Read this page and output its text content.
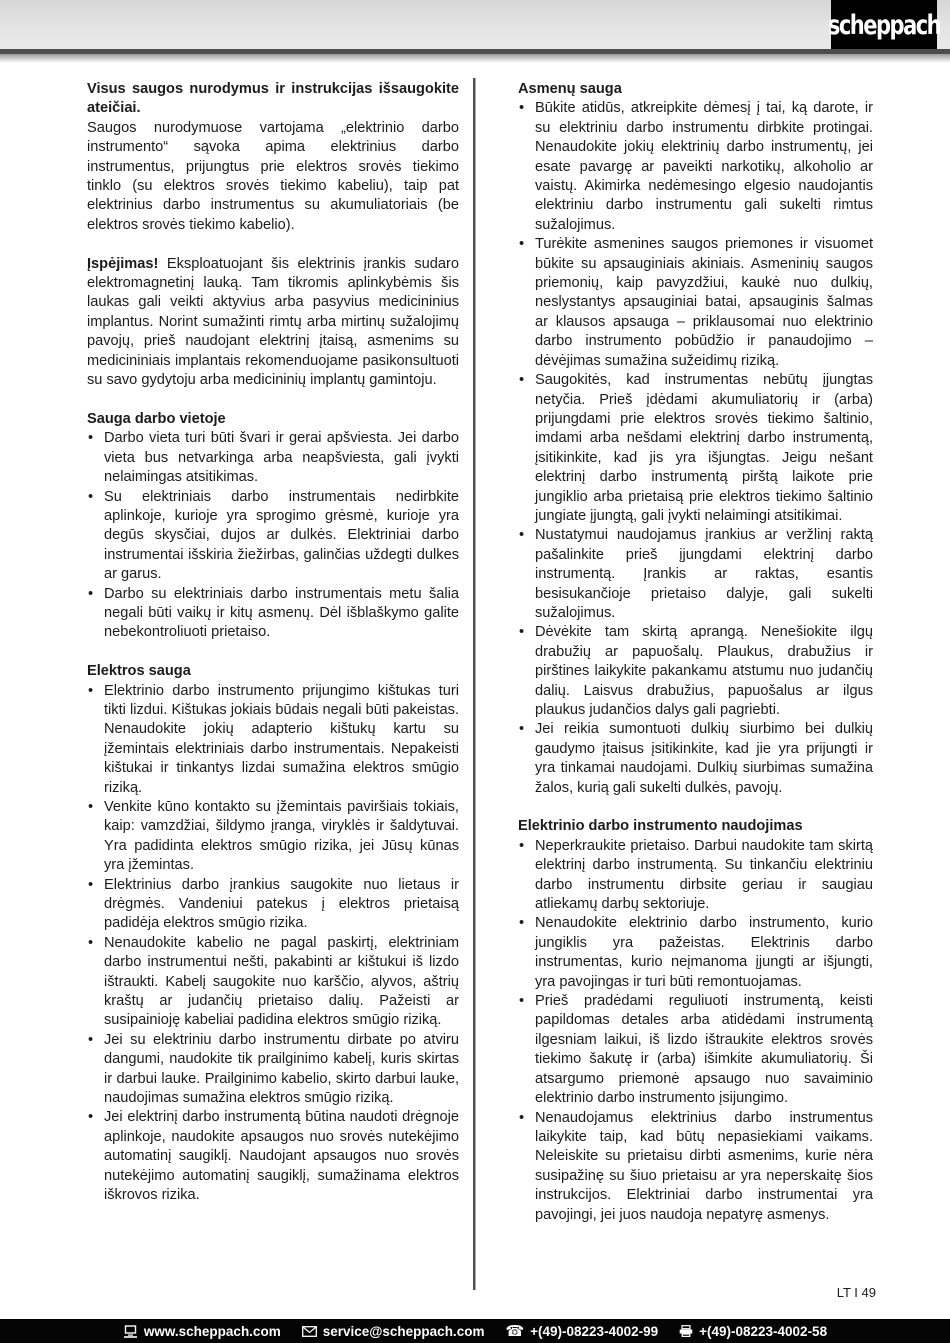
scheppach
Visus saugos nurodymus ir instrukcijas išsaugokite ateičiai.

Saugos nurodymuose vartojama „elektrinio darbo instrumento“ sąvoka apima elektrinius darbo instrumentus, prijungtus prie elektros srovės tiekimo tinklo (su elektros srovės tiekimo kabeliu), taip pat elektrinius darbo instrumentus su akumuliatoriais (be elektros srovės tiekimo kabelio).

Įspėjimas! Eksploatuojant šis elektrinis įrankis sudaro elektromagnetinį lauką. Tam tikromis aplinkybėmis šis laukas gali veikti aktyvius arba pasyvius medicininius implantus. Norint sumažinti rimtų arba mirtinų sužalojimų pavojų, prieš naudojant elektrinį įtaisą, asmenims su medicininiais implantais rekomenduojame pasikonsultuoti su savo gydytoju arba medicininių implantų gamintoju.

Sauga darbo vietoje
• Darbo vieta turi būti švari ir gerai apšviesta. Jei darbo vieta bus netvarkinga arba neapšviesta, gali įvykti nelaimingas atsitikimas.
• Su elektriniais darbo instrumentais nedirbkite aplinkoje, kurioje yra sprogimo grėsmė, kurioje yra degūs skysčiai, dujos ar dulkės. Elektriniai darbo instrumentai išskiria žiežirbas, galinčias uždegti dulkes ar garus.
• Darbo su elektriniais darbo instrumentais metu šalia negali būti vaikų ir kitų asmenų. Dėl išblaškymo galite nebekontroliuoti prietaiso.
Elektros sauga
• Elektrinio darbo instrumento prijungimo kištukas turi tikti lizdui. Kištukas jokiais būdais negali būti pakeistas. Nenaudokite jokių adapterio kištukų kartu su įžemintais elektriniais darbo instrumentais. Nepakeisti kištukai ir tinkantys lizdai sumažina elektros smūgio riziką.
• Venkite kūno kontakto su įžemintais paviršiais tokiais, kaip: vamzdžiai, šildymo įranga, viryklės ir šaldytuvai. Yra padidinta elektros smūgio rizika, jei Jūsų kūnas yra įžemintas.
• Elektrinius darbo įrankius saugokite nuo lietaus ir drėgmės. Vandeniui patekus į elektros prietaisą padidėja elektros smūgio rizika.
• Nenaudokite kabelio ne pagal paskirtį, elektriniam darbo instrumentui nešti, pakabinti ar kištukui iš lizdo ištraukti. Kabelį saugokite nuo karščio, alyvos, aštrių kraštų ar judančių prietaiso dalių. Pažeisti ar susipainioję kabeliai padidina elektros smūgio riziką.
• Jei su elektriniu darbo instrumentu dirbate po atviru dangumi, naudokite tik prailginimo kabelį, kuris skirtas ir darbui lauke. Prailginimo kabelio, skirto darbui lauke, naudojimas sumažina elektros smūgio riziką.
• Jei elektrinį darbo instrumentą būtina naudoti drėgnoje aplinkoje, naudokite apsaugos nuo srovės nutekėjimo automatinį saugiklį. Naudojant apsaugos nuo srovės nutekėjimo automatinį saugiklį, sumažinama elektros iškrovos rizika.
Asmenų sauga
• Būkite atidūs, atkreipkite dėmesį į tai, ką darote, ir su elektriniu darbo instrumentu dirbkite protingai. Nenaudokite jokių elektrinių darbo instrumentų, jei esate pavargę ar paveikti narkotikų, alkoholio ar vaistų. Akimirka nedėmesingo elgesio naudojantis elektriniu darbo instrumentu gali sukelti rimtus sužalojimus.
• Turėkite asmenines saugos priemones ir visuomet būkite su apsauginiais akiniais. Asmeninių saugos priemonių, kaip pavyzdžiui, kaukė nuo dulkių, neslystantys apsauginiai batai, apsauginis šalmas ar klausos apsauga – priklausomai nuo elektrinio darbo instrumento pobūdžio ir panaudojimo – dėvėjimas sumažina sužeidimų riziką.
• Saugokitės, kad instrumentas nebūtų įjungtas netyčia. Prieš įdėdami akumuliatorių ir (arba) prijungdami prie elektros srovės tiekimo šaltinio, imdami arba nešdami elektrinį darbo instrumentą, įsitikinkite, kad jis yra išjungtas. Jeigu nešant elektrinį darbo instrumentą pirštą laikote prie jungiklio arba prietaisą prie elektros tiekimo šaltinio jungiate įjungtą, gali įvykti nelaimingi atsitikimai.
• Nustatymui naudojamus įrankius ar veržlinį raktą pašalinkite prieš įjungdami elektrinį darbo instrumentą. Įrankis ar raktas, esantis besisukančioje prietaiso dalyje, gali sukelti sužalojimus.
• Dėvėkite tam skirtą aprangą. Nenešiokite ilgų drabužių ar papuošalų. Plaukus, drabužius ir pirštines laikykite pakankamu atstumu nuo judančių dalių. Laisvus drabužius, papuošalus ar ilgus plaukus judančios dalys gali pagriebti.
• Jei reikia sumontuoti dulkių siurbimo bei dulkių gaudymo įtaisus įsitikinkite, kad jie yra prijungti ir yra tinkamai naudojami. Dulkių siurbimas sumažina žalos, kurią gali sukelti dulkės, pavojų.
Elektrinio darbo instrumento naudojimas
• Neperkraukite prietaiso. Darbui naudokite tam skirtą elektrinį darbo instrumentą. Su tinkančiu elektriniu darbo instrumentu dirbsite geriau ir saugiau atliekamų darbų sektoriuje.
• Nenaudokite elektrinio darbo instrumento, kurio jungiklis yra pažeistas. Elektrinis darbo instrumentas, kurio neįmanoma įjungti ar išjungti, yra pavojingas ir turi būti remontuojamas.
• Prieš pradėdami reguliuoti instrumentą, keisti papildomas detales arba atidėdami instrumentą ilgesniam laikui, iš lizdo ištraukite elektros srovės tiekimo šakutę ir (arba) išimkite akumuliatorių. Ši atsargumo priemonė apsaugo nuo savaiminio elektrinio darbo instrumento įsijungimo.
• Nenaudojamus elektrinius darbo instrumentus laikykite taip, kad būtų nepasiekiami vaikams. Neleiskite su prietaisu dirbti asmenims, kurie nėra susipažinę su šiuo prietaisu ar yra neperskaitę šios instrukcijos. Elektriniai darbo instrumentai yra pavojingi, jei juos naudoja nepatyrę asmenys.
LT I 49
www.scheppach.com	service@scheppach.com ☎ +(49)-08223-4002-99	+(49)-08223-4002-58
